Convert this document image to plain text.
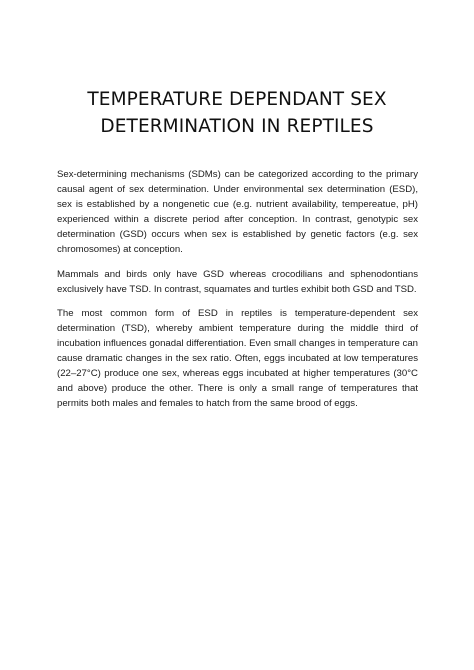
TEMPERATURE DEPENDANT SEX
DETERMINATION IN REPTILES

Sex-determining mechanisms (SDMs) can be categorized according to the primary causal agent of sex determination. Under environmental sex determination (ESD), sex is established by a nongenetic cue (e.g. nutrient availability, tempereatue, pH) experienced within a discrete period after conception. In contrast, genotypic sex determination (GSD) occurs when sex is established by genetic factors (e.g. sex chromosomes) at conception.

Mammals and birds only have GSD whereas crocodilians and sphenodontians exclusively have TSD. In contrast, squamates and turtles exhibit both GSD and TSD.

The most common form of ESD in reptiles is temperature-dependent sex determination (TSD), whereby ambient temperature during the middle third of incubation influences gonadal differentiation. Even small changes in temperature can cause dramatic changes in the sex ratio. Often, eggs incubated at low temperatures (22–27°C) produce one sex, whereas eggs incubated at higher temperatures (30°C and above) produce the other. There is only a small range of temperatures that permits both males and females to hatch from the same brood of eggs.
